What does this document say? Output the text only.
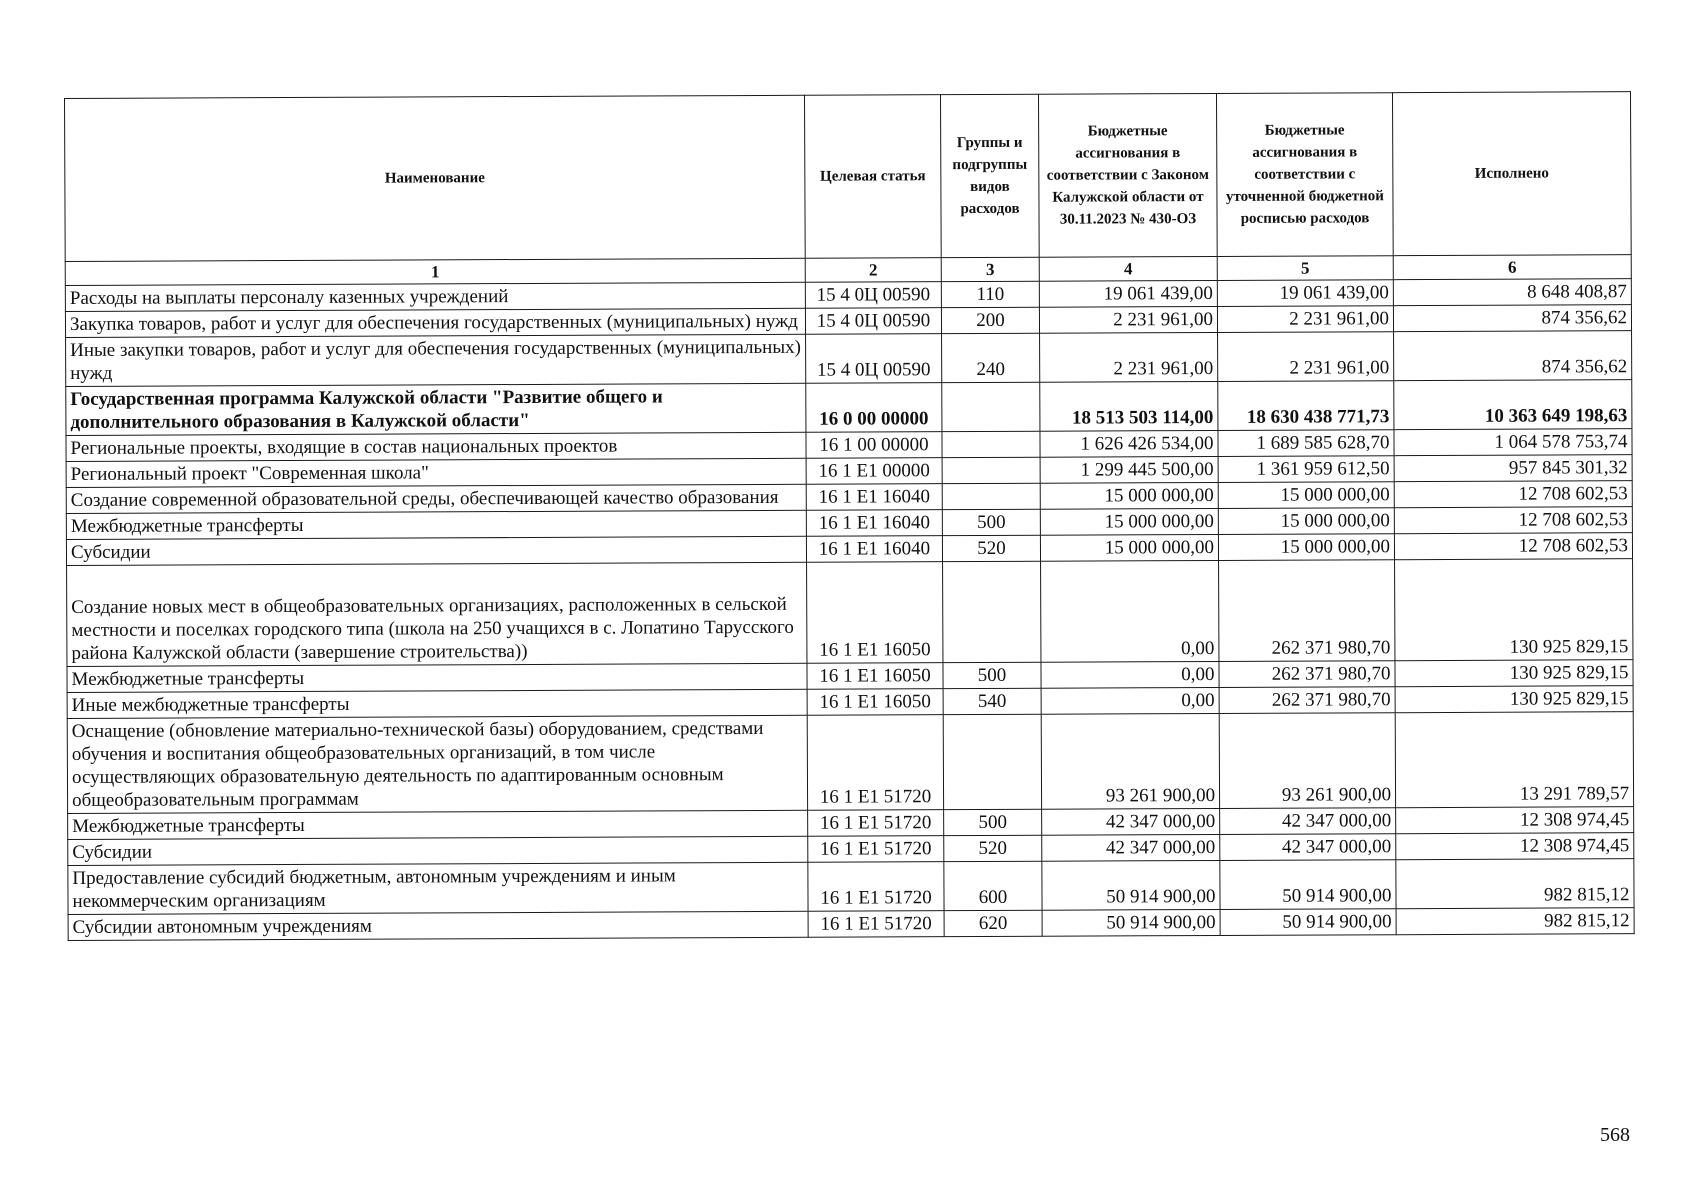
Наименование	Целевая статья	Группы и подгруппы видов расходов	Бюджетные ассигнования в соответствии с Законом Калужской области от 30.11.2023 № 430-ОЗ	Бюджетные ассигнования в соответствии с уточненной бюджетной росписью расходов	Исполнено
1	2	3	4	5	6
Расходы на выплаты персоналу казенных учреждений	15 4 0Ц 00590	110	19 061 439,00	19 061 439,00	8 648 408,87
Закупка товаров, работ и услуг для обеспечения государственных (муниципальных) нужд	15 4 0Ц 00590	200	2 231 961,00	2 231 961,00	874 356,62
Иные закупки товаров, работ и услуг для обеспечения государственных (муниципальных) нужд	15 4 0Ц 00590	240	2 231 961,00	2 231 961,00	874 356,62
Государственная программа Калужской области "Развитие общего и дополнительного образования в Калужской области"	16 0 00 00000		18 513 503 114,00	18 630 438 771,73	10 363 649 198,63
Региональные проекты, входящие в состав национальных проектов	16 1 00 00000		1 626 426 534,00	1 689 585 628,70	1 064 578 753,74
Региональный проект "Современная школа"	16 1 E1 00000		1 299 445 500,00	1 361 959 612,50	957 845 301,32
Создание современной образовательной среды, обеспечивающей качество образования	16 1 E1 16040		15 000 000,00	15 000 000,00	12 708 602,53
Межбюджетные трансферты	16 1 E1 16040	500	15 000 000,00	15 000 000,00	12 708 602,53
Субсидии	16 1 E1 16040	520	15 000 000,00	15 000 000,00	12 708 602,53
Создание новых мест в общеобразовательных организациях, расположенных в сельской местности и поселках городского типа (школа на 250 учащихся в с. Лопатино Тарусского района Калужской области (завершение строительства))	16 1 E1 16050		0,00	262 371 980,70	130 925 829,15
Межбюджетные трансферты	16 1 E1 16050	500	0,00	262 371 980,70	130 925 829,15
Иные межбюджетные трансферты	16 1 E1 16050	540	0,00	262 371 980,70	130 925 829,15
Оснащение (обновление материально-технической базы) оборудованием, средствами обучения и воспитания общеобразовательных организаций, в том числе осуществляющих образовательную деятельность по адаптированным основным общеобразовательным программам	16 1 E1 51720		93 261 900,00	93 261 900,00	13 291 789,57
Межбюджетные трансферты	16 1 E1 51720	500	42 347 000,00	42 347 000,00	12 308 974,45
Субсидии	16 1 E1 51720	520	42 347 000,00	42 347 000,00	12 308 974,45
Предоставление субсидий бюджетным, автономным учреждениям и иным некоммерческим организациям	16 1 E1 51720	600	50 914 900,00	50 914 900,00	982 815,12
Субсидии автономным учреждениям	16 1 E1 51720	620	50 914 900,00	50 914 900,00	982 815,12
568
